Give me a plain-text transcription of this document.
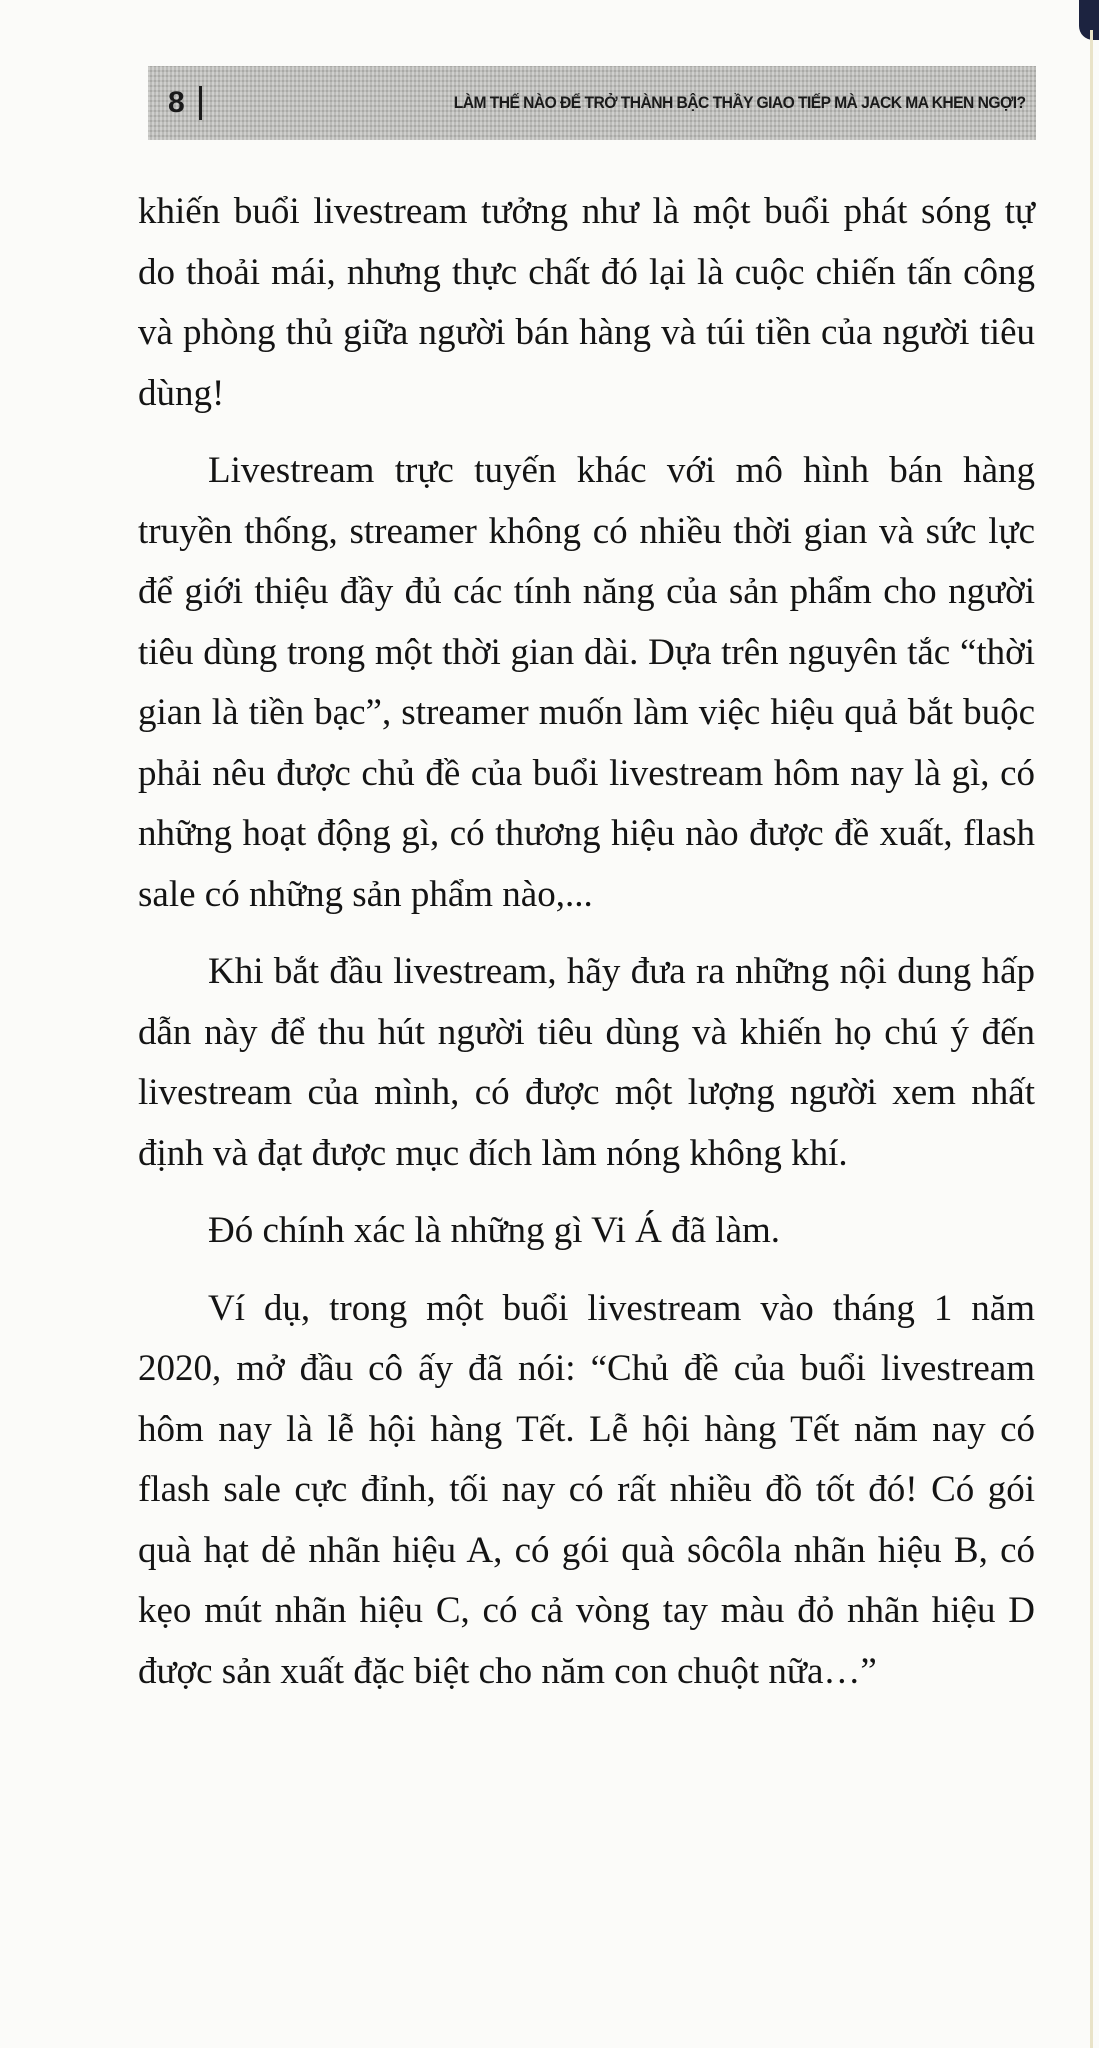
8	LÀM THẾ NÀO ĐỂ TRỞ THÀNH BẬC THẦY GIAO TIẾP MÀ JACK MA KHEN NGỢI?

khiến buổi livestream tưởng như là một buổi phát sóng tự do thoải mái, nhưng thực chất đó lại là cuộc chiến tấn công và phòng thủ giữa người bán hàng và túi tiền của người tiêu dùng!

Livestream trực tuyến khác với mô hình bán hàng truyền thống, streamer không có nhiều thời gian và sức lực để giới thiệu đầy đủ các tính năng của sản phẩm cho người tiêu dùng trong một thời gian dài. Dựa trên nguyên tắc “thời gian là tiền bạc”, streamer muốn làm việc hiệu quả bắt buộc phải nêu được chủ đề của buổi livestream hôm nay là gì, có những hoạt động gì, có thương hiệu nào được đề xuất, flash sale có những sản phẩm nào,...

Khi bắt đầu livestream, hãy đưa ra những nội dung hấp dẫn này để thu hút người tiêu dùng và khiến họ chú ý đến livestream của mình, có được một lượng người xem nhất định và đạt được mục đích làm nóng không khí.

Đó chính xác là những gì Vi Á đã làm.

Ví dụ, trong một buổi livestream vào tháng 1 năm 2020, mở đầu cô ấy đã nói: “Chủ đề của buổi livestream hôm nay là lễ hội hàng Tết. Lễ hội hàng Tết năm nay có flash sale cực đỉnh, tối nay có rất nhiều đồ tốt đó! Có gói quà hạt dẻ nhãn hiệu A, có gói quà sôcôla nhãn hiệu B, có kẹo mút nhãn hiệu C, có cả vòng tay màu đỏ nhãn hiệu D được sản xuất đặc biệt cho năm con chuột nữa…”
